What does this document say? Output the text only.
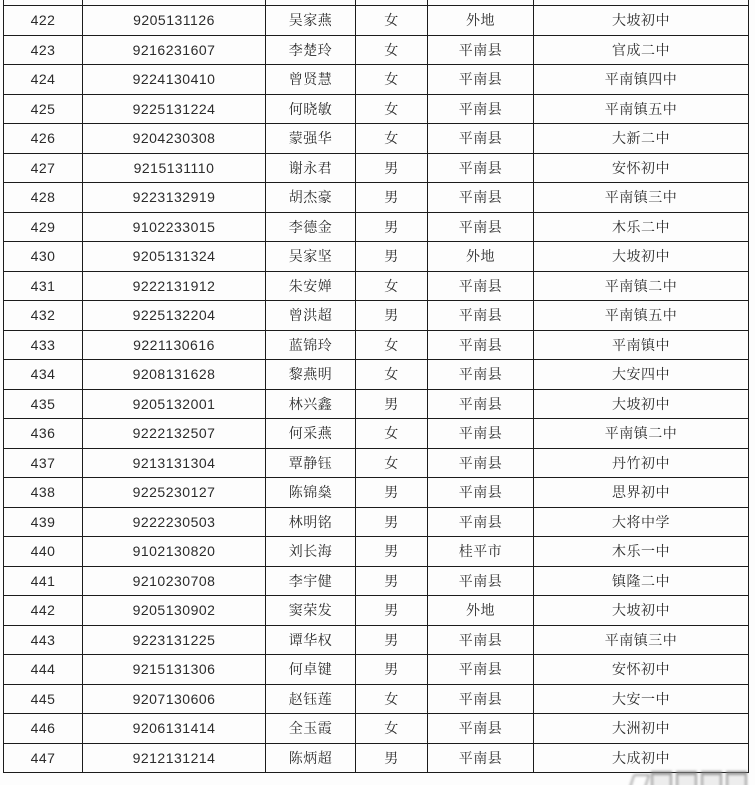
422	9205131126	吴家燕	女	外地	大坡初中
423	9216231607	李楚玲	女	平南县	官成二中
424	9224130410	曾贤慧	女	平南县	平南镇四中
425	9225131224	何晓敏	女	平南县	平南镇五中
426	9204230308	蒙强华	女	平南县	大新二中
427	9215131110	谢永君	男	平南县	安怀初中
428	9223132919	胡杰豪	男	平南县	平南镇三中
429	9102233015	李德金	男	平南县	木乐二中
430	9205131324	吴家坚	男	外地	大坡初中
431	9222131912	朱安婵	女	平南县	平南镇二中
432	9225132204	曾洪超	男	平南县	平南镇五中
433	9221130616	蓝锦玲	女	平南县	平南镇中
434	9208131628	黎燕明	女	平南县	大安四中
435	9205132001	林兴鑫	男	平南县	大坡初中
436	9222132507	何采燕	女	平南县	平南镇二中
437	9213131304	覃静钰	女	平南县	丹竹初中
438	9225230127	陈锦燊	男	平南县	思界初中
439	9222230503	林明铭	男	平南县	大将中学
440	9102130820	刘长海	男	桂平市	木乐一中
441	9210230708	李宇健	男	平南县	镇隆二中
442	9205130902	窦荣发	男	外地	大坡初中
443	9223131225	谭华权	男	平南县	平南镇三中
444	9215131306	何卓键	男	平南县	安怀初中
445	9207130606	赵钰莲	女	平南县	大安一中
446	9206131414	全玉霞	女	平南县	大洲初中
447	9212131214	陈炳超	男	平南县	大成初中
